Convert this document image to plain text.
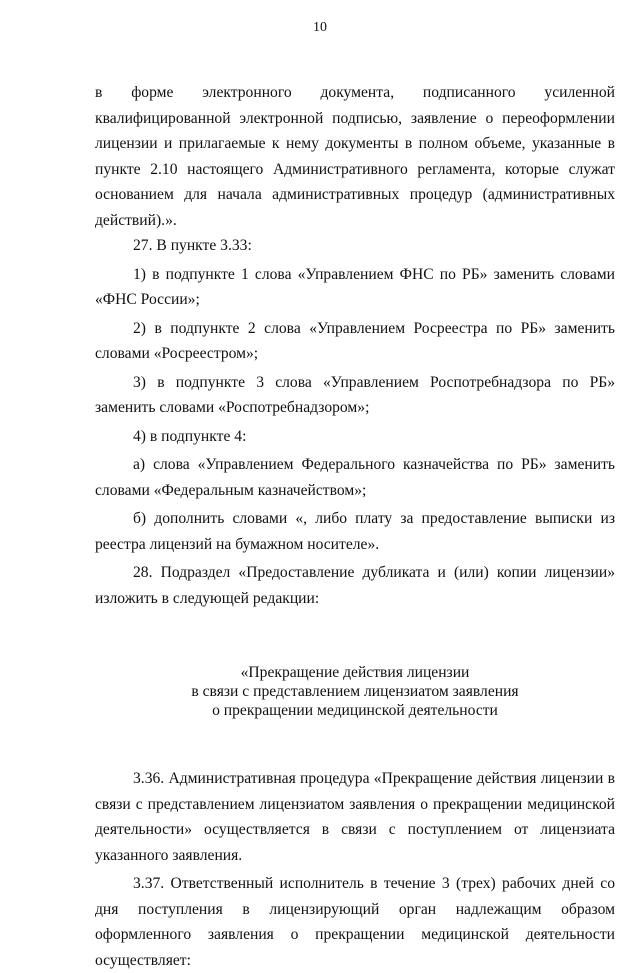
10

в форме электронного документа, подписанного усиленной квалифицированной электронной подписью, заявление о переоформлении лицензии и прилагаемые к нему документы в полном объеме, указанные в пункте 2.10 настоящего Административного регламента, которые служат основанием для начала административных процедур (административных действий).».

27. В пункте 3.33:

1) в подпункте 1 слова «Управлением ФНС по РБ» заменить словами «ФНС России»;

2) в подпункте 2 слова «Управлением Росреестра по РБ» заменить словами «Росреестром»;

3) в подпункте 3 слова «Управлением Роспотребнадзора по РБ» заменить словами «Роспотребнадзором»;

4) в подпункте 4:

а) слова «Управлением Федерального казначейства по РБ» заменить словами «Федеральным казначейством»;

б) дополнить словами «, либо плату за предоставление выписки из реестра лицензий на бумажном носителе».

28. Подраздел «Предоставление дубликата и (или) копии лицензии» изложить в следующей редакции:

«Прекращение действия лицензии
в связи с представлением лицензиатом заявления
о прекращении медицинской деятельности

3.36. Административная процедура «Прекращение действия лицензии в связи с представлением лицензиатом заявления о прекращении медицинской деятельности» осуществляется в связи с поступлением от лицензиата указанного заявления.

3.37. Ответственный исполнитель в течение 3 (трех) рабочих дней со дня поступления в лицензирующий орган надлежащим образом оформленного заявления о прекращении медицинской деятельности осуществляет:
